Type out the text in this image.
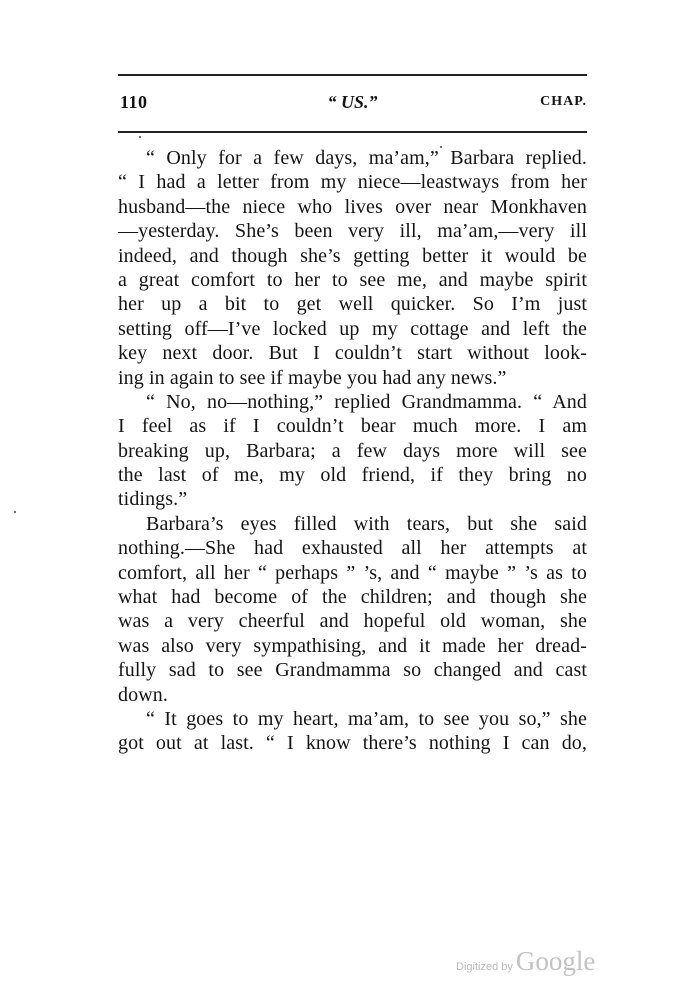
110	“ US.”	CHAP.
“ Only for a few days, ma’am,” Barbara replied.
“ I had a letter from my niece—leastways from her
husband—the niece who lives over near Monkhaven
—yesterday. She’s been very ill, ma’am,—very ill
indeed, and though she’s getting better it would be
a great comfort to her to see me, and maybe spirit
her up a bit to get well quicker. So I’m just
setting off—I’ve locked up my cottage and left the
key next door. But I couldn’t start without look-
ing in again to see if maybe you had any news.”
“ No, no—nothing,” replied Grandmamma. “ And
I feel as if I couldn’t bear much more. I am
breaking up, Barbara; a few days more will see
the last of me, my old friend, if they bring no
tidings.”
Barbara’s eyes filled with tears, but she said
nothing.—She had exhausted all her attempts at
comfort, all her “ perhaps ” ’s, and “ maybe ” ’s as to
what had become of the children; and though she
was a very cheerful and hopeful old woman, she
was also very sympathising, and it made her dread-
fully sad to see Grandmamma so changed and cast
down.
“ It goes to my heart, ma’am, to see you so,” she
got out at last. “ I know there’s nothing I can do,
Digitized by Google
